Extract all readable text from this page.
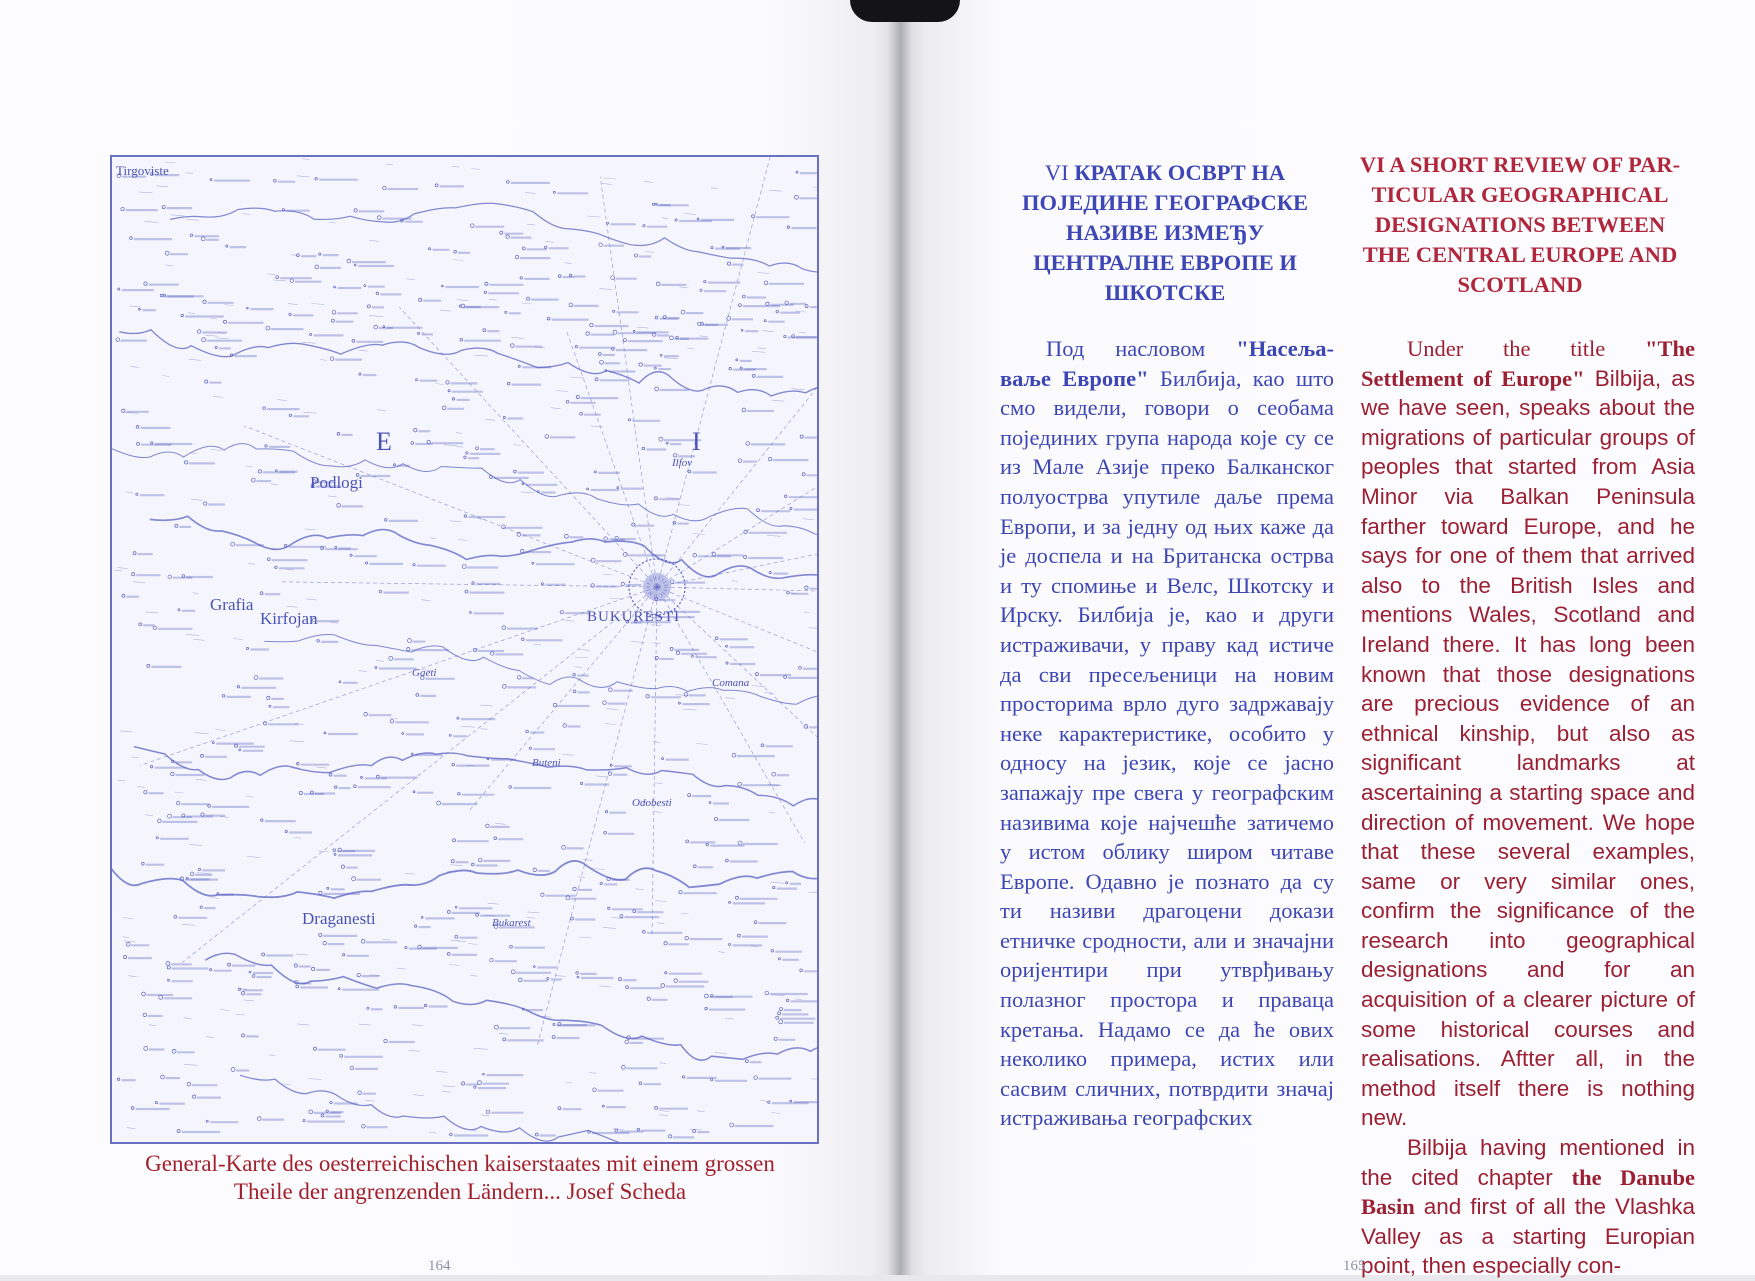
Tirgoviste
BUKURESTI
Podlogi
Grafia
Kirfojan
Draganesti	Bukarest
Ilfov
Gaeti
Buteni
Odobesti
Comana
E	I
General-Karte des oesterreichischen kaiserstaates mit einem grossen
Theile der angrenzenden Ländern... Josef Scheda
164
VI КРАТАК ОСВРТ НА
ПОЈЕДИНЕ ГЕОГРАФСКЕ
НАЗИВЕ ИЗМЕЂУ
ЦЕНТРАЛНЕ ЕВРОПЕ И
ШКОТСКЕ
Под насловом "Насеља-ваље Европе" Билбија, као што смо видели, говори о сеобама појединих група народа које су се из Мале Азије преко Балканског полуострва упутиле даље према Европи, и за једну од њих каже да је доспела и на Британска острва и ту спомиње и Велс, Шкотску и Ирску. Билбија је, као и други истраживачи, у праву кад истиче да сви пресељеници на новим просторима врло дуго задржавају неке карактеристике, особито у односу на језик, које се јасно запажају пре свега у географским називима које најчешће затичемо у истом облику широм читаве Европе. Одавно је познато да су ти називи драгоцени докази етничке сродности, али и значајни оријентири при утврђивању полазног простора и праваца кретања. Надамо се да ће ових неколико примера, истих или сасвим сличних, потврдити значај истраживања географских
VI A SHORT REVIEW OF PAR-
TICULAR GEOGRAPHICAL
DESIGNATIONS BETWEEN
THE CENTRAL EUROPE AND
SCOTLAND

Under the title "The Settlement of Europe" Bilbija, as we have seen, speaks about the migrations of particular groups of peoples that started from Asia Minor via Balkan Peninsula farther toward Europe, and he says for one of them that arrived also to the British Isles and mentions Wales, Scotland and Ireland there. It has long been known that those designations are precious evidence of an ethnical kinship, but also as significant landmarks at ascertaining a starting space and direction of movement. We hope that these several examples, same or very similar ones, confirm the significance of the research into geographical designations and for an acquisition of a clearer picture of some historical courses and realisations. Aftter all, in the method itself there is nothing new.

Bilbija having mentioned in the cited chapter the Danube Basin and first of all the Vlashka Valley as a starting Europian point, then especially con-

165
